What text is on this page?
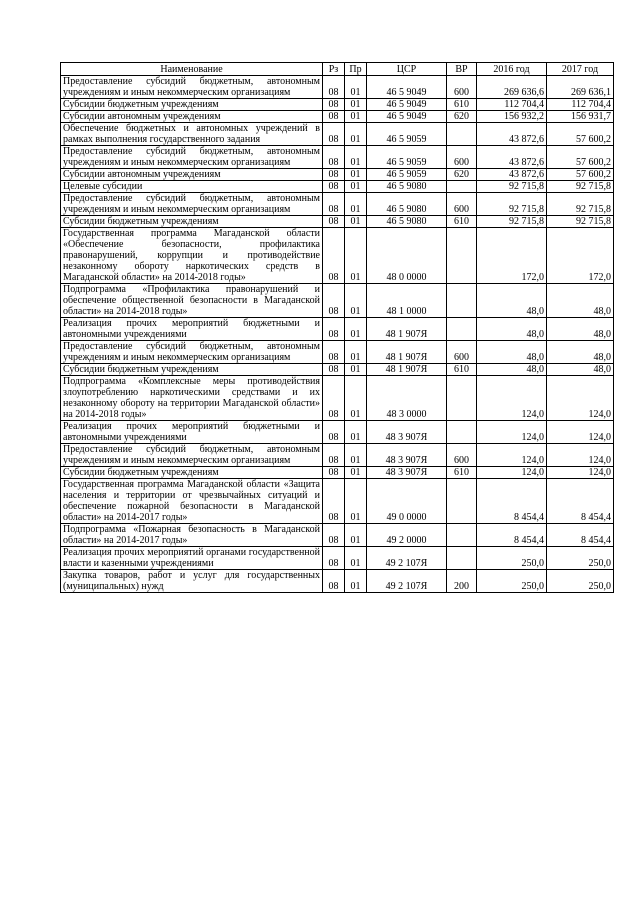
Наименование	Рз	Пр	ЦСР	ВР	2016 год	2017 год
Предоставление субсидий бюджетным, автономным учреждениям и иным некоммерческим организациям	08	01	46 5 9049	600	269 636,6	269 636,1
Субсидии бюджетным учреждениям	08	01	46 5 9049	610	112 704,4	112 704,4
Субсидии автономным учреждениям	08	01	46 5 9049	620	156 932,2	156 931,7
Обеспечение бюджетных и автономных учреждений в рамках выполнения государственного задания	08	01	46 5 9059		43 872,6	57 600,2
Предоставление субсидий бюджетным, автономным учреждениям и иным некоммерческим организациям	08	01	46 5 9059	600	43 872,6	57 600,2
Субсидии автономным учреждениям	08	01	46 5 9059	620	43 872,6	57 600,2
Целевые субсидии	08	01	46 5 9080		92 715,8	92 715,8
Предоставление субсидий бюджетным, автономным учреждениям и иным некоммерческим организациям	08	01	46 5 9080	600	92 715,8	92 715,8
Субсидии бюджетным учреждениям	08	01	46 5 9080	610	92 715,8	92 715,8
Государственная программа Магаданской области «Обеспечение безопасности, профилактика правонарушений, коррупции и противодействие незаконному обороту наркотических средств в Магаданской области» на 2014-2018 годы»	08	01	48 0 0000		172,0	172,0
Подпрограмма «Профилактика правонарушений и обеспечение общественной безопасности в Магаданской области» на 2014-2018 годы»	08	01	48 1 0000		48,0	48,0
Реализация прочих мероприятий бюджетными и автономными учреждениями	08	01	48 1 907Я		48,0	48,0
Предоставление субсидий бюджетным, автономным учреждениям и иным некоммерческим организациям	08	01	48 1 907Я	600	48,0	48,0
Субсидии бюджетным учреждениям	08	01	48 1 907Я	610	48,0	48,0
Подпрограмма «Комплексные меры противодействия злоупотреблению наркотическими средствами и их незаконному обороту на территории Магаданской области» на 2014-2018 годы»	08	01	48 3 0000		124,0	124,0
Реализация прочих мероприятий бюджетными и автономными учреждениями	08	01	48 3 907Я		124,0	124,0
Предоставление субсидий бюджетным, автономным учреждениям и иным некоммерческим организациям	08	01	48 3 907Я	600	124,0	124,0
Субсидии бюджетным учреждениям	08	01	48 3 907Я	610	124,0	124,0
Государственная программа Магаданской области «Защита населения и территории от чрезвычайных ситуаций и обеспечение пожарной безопасности в Магаданской области» на 2014-2017 годы»	08	01	49 0 0000		8 454,4	8 454,4
Подпрограмма «Пожарная безопасность в Магаданской области» на 2014-2017 годы»	08	01	49 2 0000		8 454,4	8 454,4
Реализация прочих мероприятий органами государственной власти и казенными учреждениями	08	01	49 2 107Я		250,0	250,0
Закупка товаров, работ и услуг для государственных (муниципальных) нужд	08	01	49 2 107Я	200	250,0	250,0
